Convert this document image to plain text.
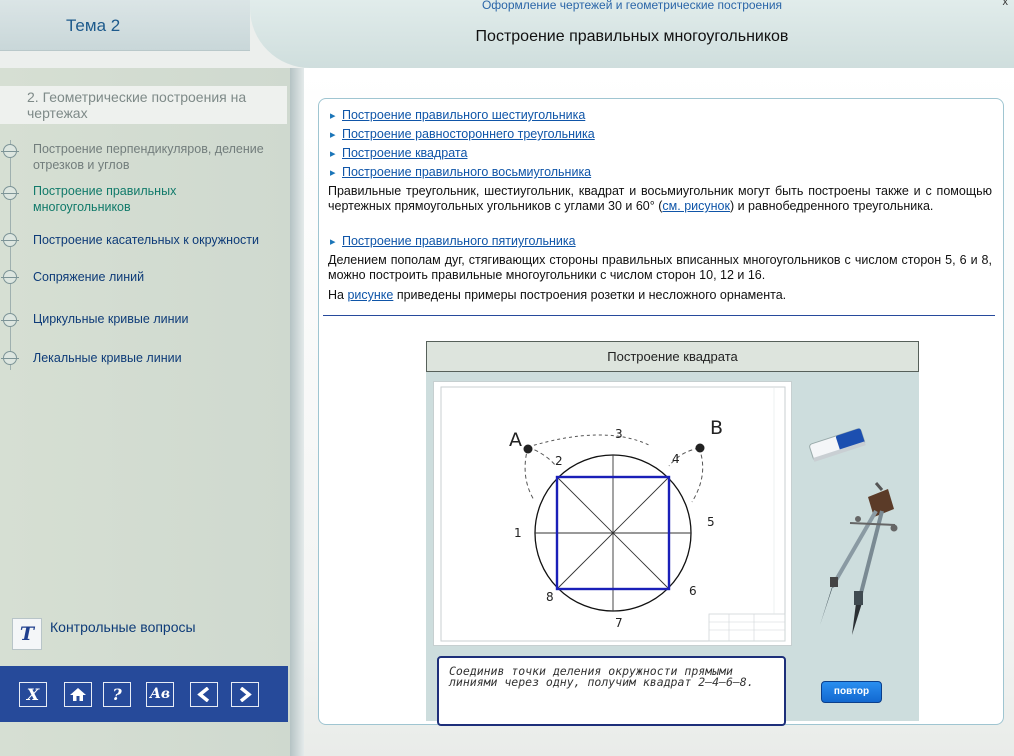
Тема 2
Оформление чертежей и геометрические построения
Построение правильных многоугольников
х
2. Геометрические построения на чертежах
Построение перпендикуляров, деление отрезков и углов
Построение правильных многоугольников
Построение касательных к окружности
Сопряжение линий
Циркульные кривые линии
Лекальные кривые линии
T	Контрольные вопросы
X	?	Aв
▸ Построение правильного шестиугольника
▸ Построение равностороннего треугольника
▸ Построение квадрата
▸ Построение правильного восьмиугольника
Правильные треугольник, шестиугольник, квадрат и восьмиугольник могут быть построены также и с помощью чертежных прямоугольных угольников с углами 30 и 60° (см. рисунок) и равнобедренного треугольника.
▸ Построение правильного пятиугольника
Делением пополам дуг, стягивающих стороны правильных вписанных многоугольников с числом сторон 5, 6 и 8, можно построить правильные многоугольники с числом сторон 10, 12 и 16.
На рисунке приведены примеры построения розетки и несложного орнамента.
Построение квадрата
A
B
1
2
3
4
5
6
7
8
Соединив точки деления окружности прямыми линиями через одну, получим квадрат 2—4—6—8.
повтор
